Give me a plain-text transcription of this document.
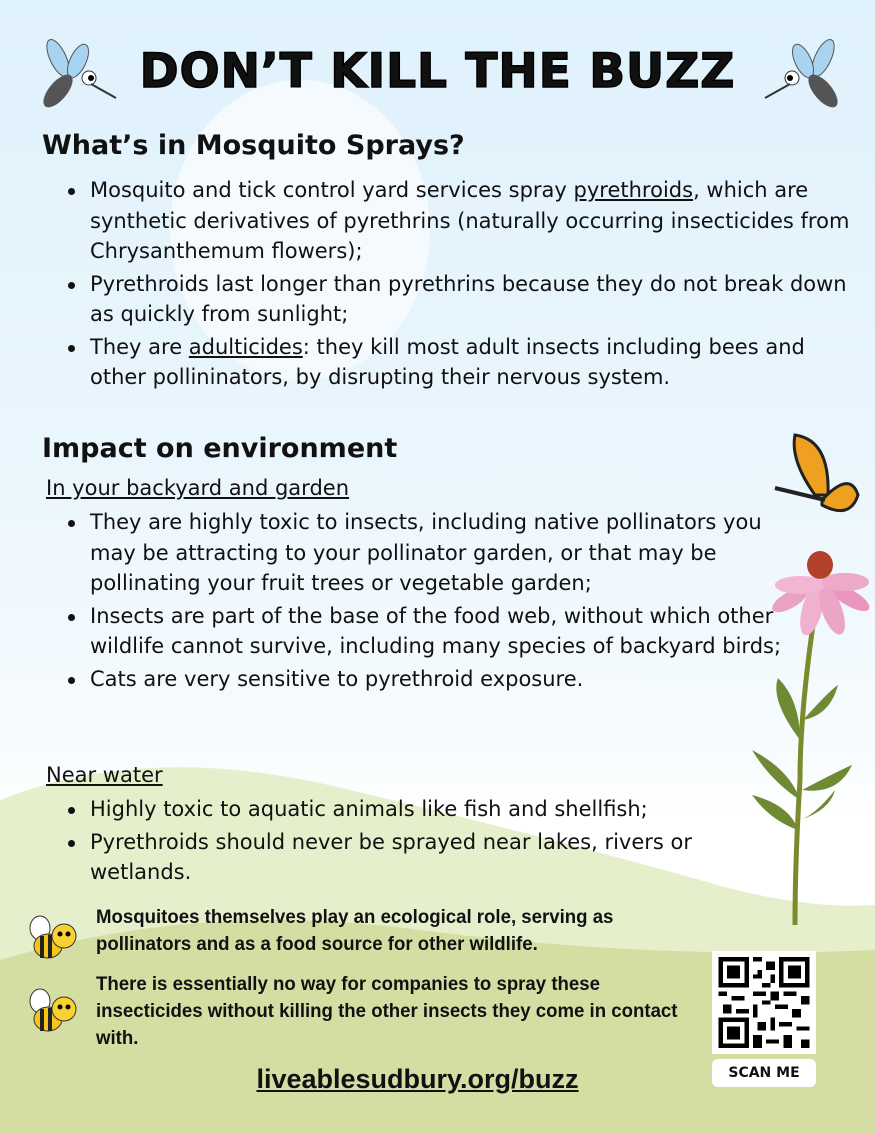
DON’T KILL THE BUZZ
What’s in Mosquito Sprays?
Mosquito and tick control yard services spray pyrethroids, which are synthetic derivatives of pyrethrins (naturally occurring insecticides from Chrysanthemum flowers);
Pyrethroids last longer than pyrethrins because they do not break down as quickly from sunlight;
They are adulticides: they kill most adult insects including bees and other pollininators, by disrupting their nervous system.
Impact on environment
In your backyard and garden
They are highly toxic to insects, including native pollinators you may be attracting to your pollinator garden, or that may be pollinating your fruit trees or vegetable garden;
Insects are part of the base of the food web, without which other wildlife cannot survive, including many species of backyard birds;
Cats are very sensitive to pyrethroid exposure.
Near water
Highly toxic to aquatic animals like fish and shellfish;
Pyrethroids should never be sprayed near lakes, rivers or wetlands.
Mosquitoes themselves play an ecological role, serving as pollinators and as a food source for other wildlife.
There is essentially no way for companies to spray these insecticides without killing the other insects they come in contact with.
liveablesudbury.org/buzz	SCAN ME
